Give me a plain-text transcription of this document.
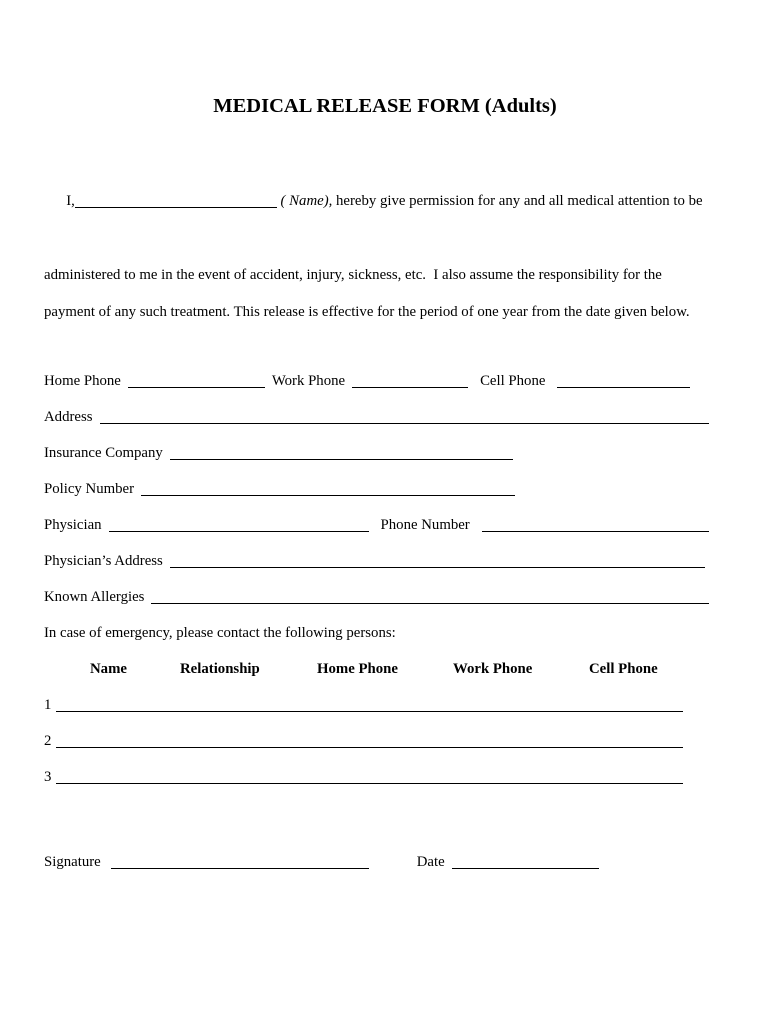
MEDICAL RELEASE FORM (Adults)

I,	( Name), hereby give permission for any and all medical attention to be

administered to me in the event of accident, injury, sickness, etc.  I also assume the responsibility for the
payment of any such treatment. This release is effective for the period of one year from the date given below.
Home Phone	Work Phone	Cell Phone
Address
Insurance Company
Policy Number
Physician	Phone Number
Physician’s Address
Known Allergies
In case of emergency, please contact the following persons:
Name	Relationship	Home Phone	Work Phone	Cell Phone
1
2
3
Signature	Date
